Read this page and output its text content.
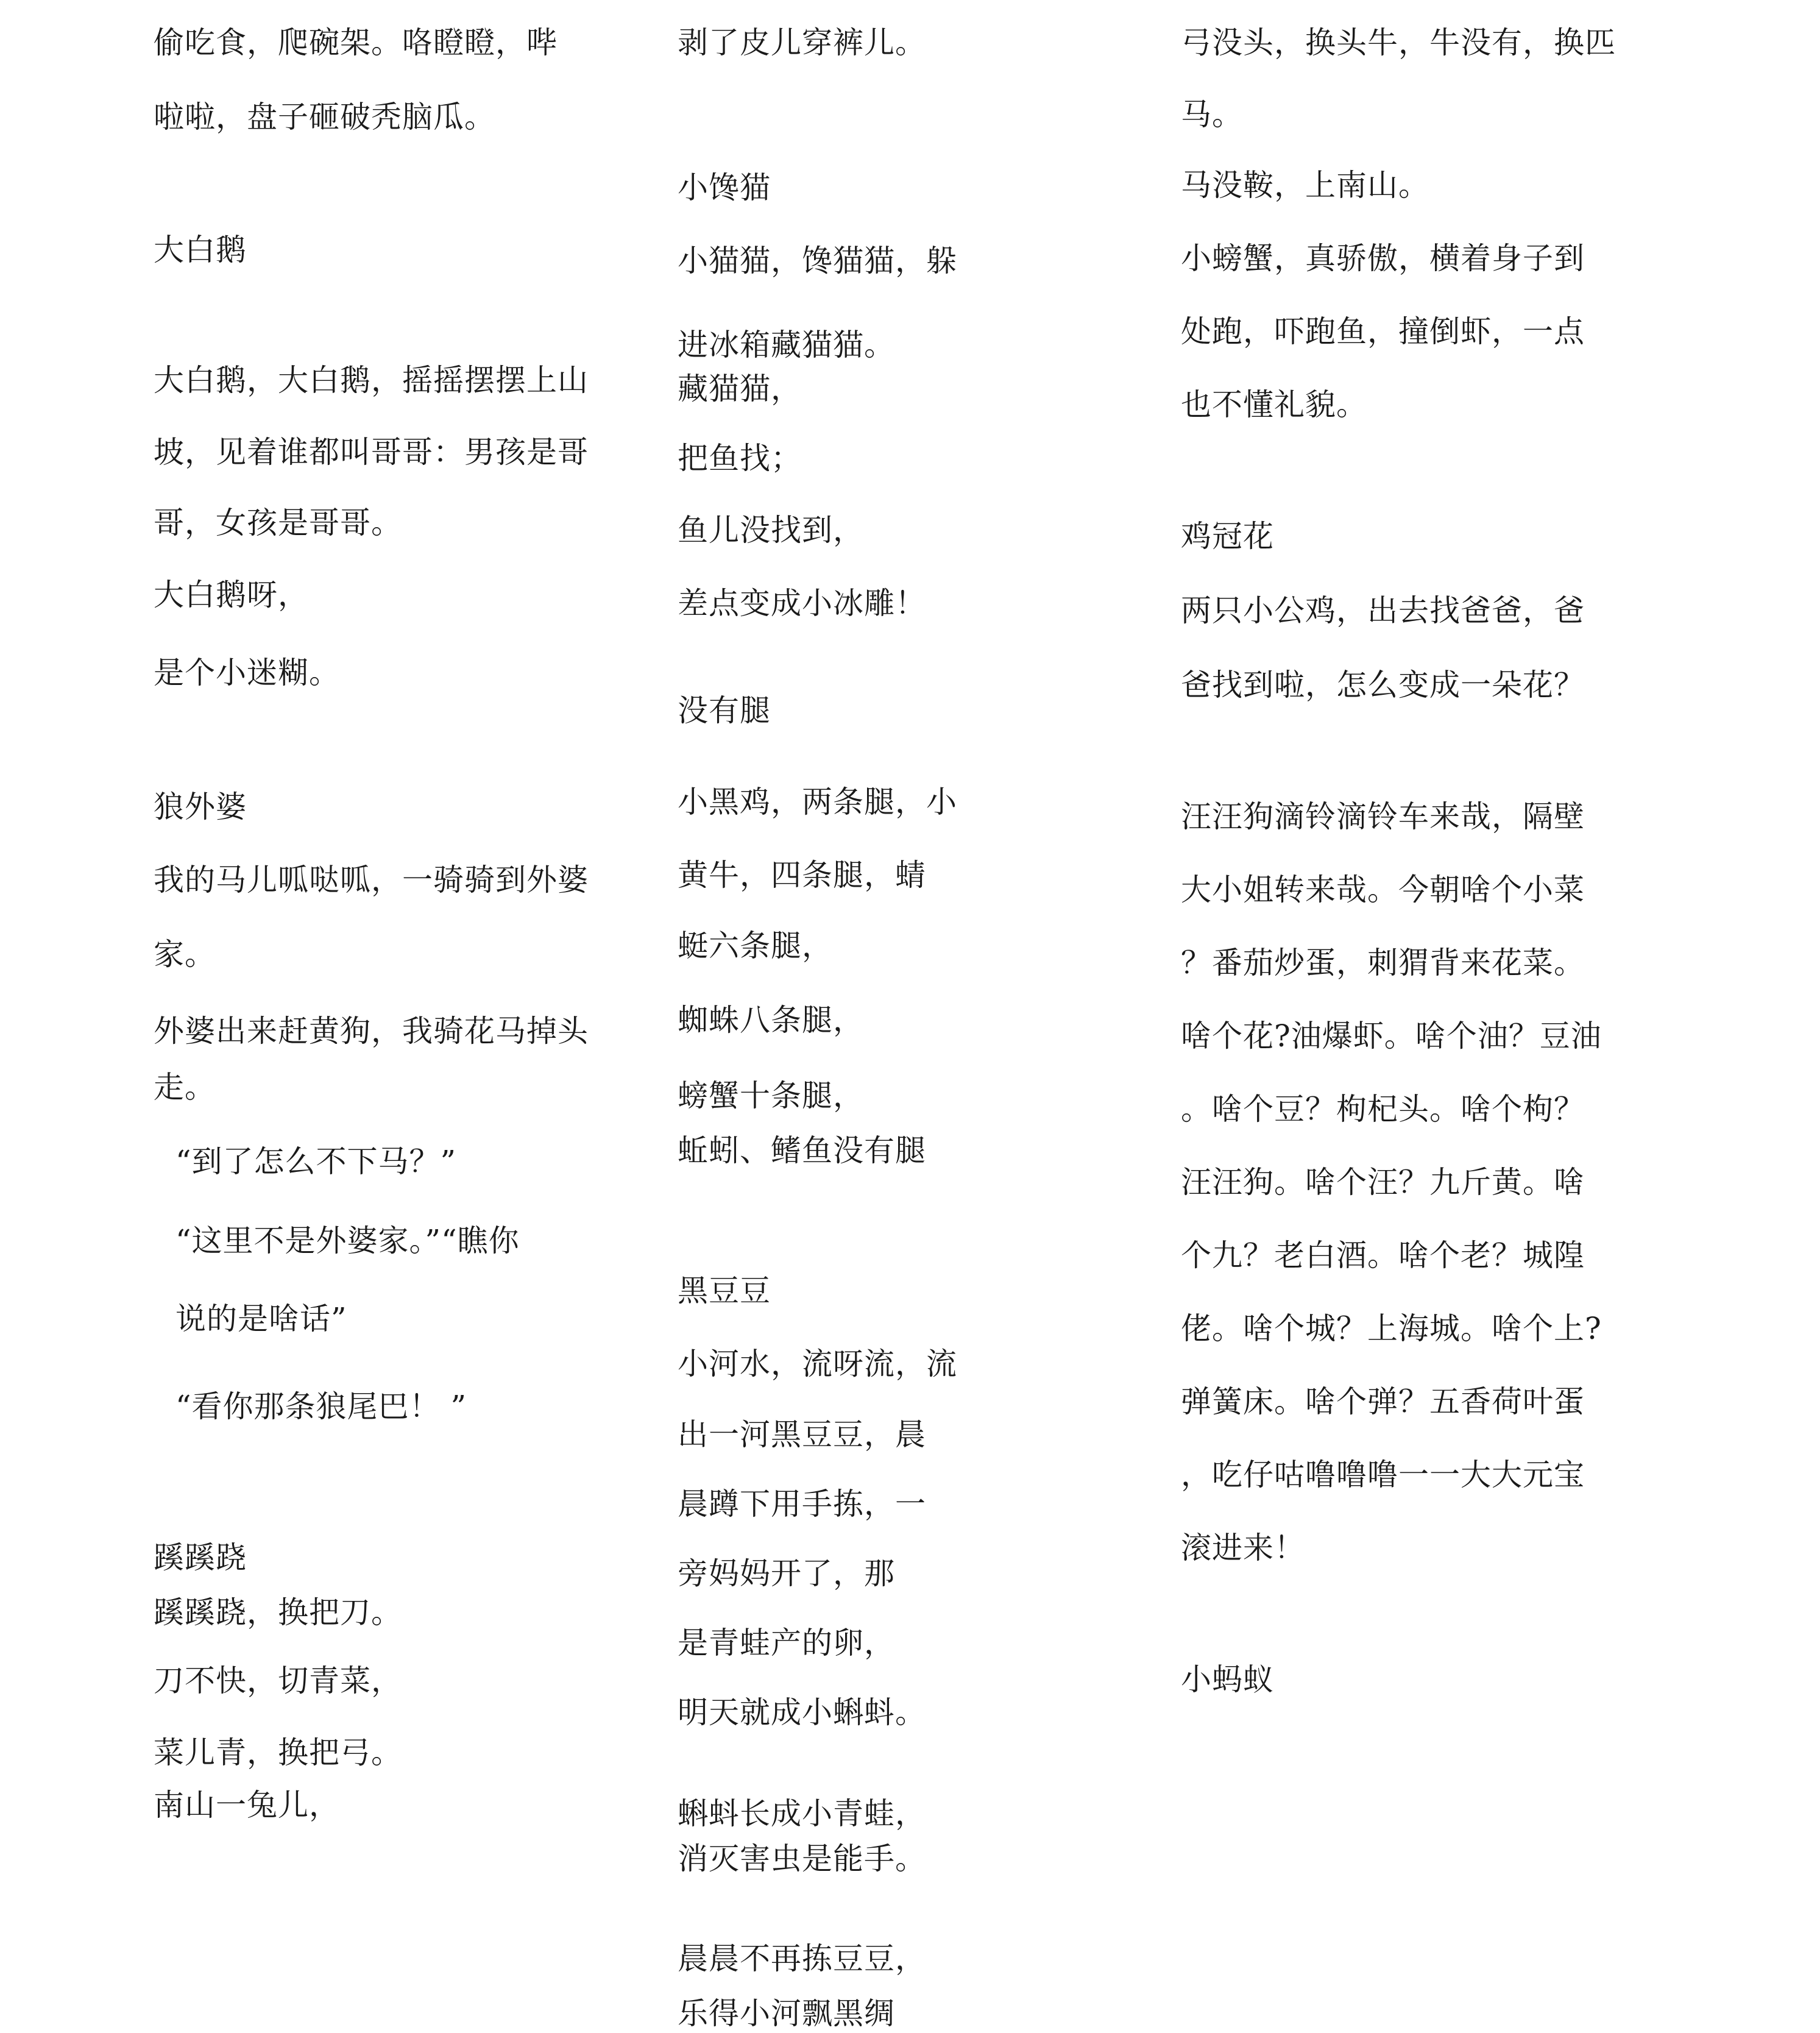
偷吃食，爬碗架。咯瞪瞪，哔
啦啦，盘子砸破秃脑瓜。
大白鹅
大白鹅，大白鹅，摇摇摆摆上山
坡，见着谁都叫哥哥：男孩是哥
哥，女孩是哥哥。
大白鹅呀，
是个小迷糊。
狼外婆
我的马儿呱哒呱，一骑骑到外婆
家。
外婆出来赶黄狗，我骑花马掉头
走。
“到了怎么不下马？”
“这里不是外婆家。”“瞧你
说的是啥话”
“看你那条狼尾巴！ ”
蹊蹊跷
蹊蹊跷，换把刀。
刀不快，切青菜，
菜儿青，换把弓。
南山一兔儿，
剥了皮儿穿裤儿。
小馋猫
小猫猫，馋猫猫，躲
进冰箱藏猫猫。
藏猫猫，
把鱼找；
鱼儿没找到，
差点变成小冰雕！
没有腿
小黑鸡，两条腿，小
黄牛，四条腿，蜻
蜓六条腿，
蜘蛛八条腿，
螃蟹十条腿，
蚯蚓、鳍鱼没有腿
黑豆豆
小河水，流呀流，流
出一河黑豆豆，晨
晨蹲下用手拣，一
旁妈妈开了，那
是青蛙产的卵，
明天就成小蝌蚪。
蝌蚪长成小青蛙，
消灭害虫是能手。
晨晨不再拣豆豆，
乐得小河飘黑绸
弓没头，换头牛，牛没有，换匹
马。
马没鞍，上南山。
小螃蟹，真骄傲，横着身子到
处跑，吓跑鱼，撞倒虾，一点
也不懂礼貌。
鸡冠花
两只小公鸡，出去找爸爸，爸
爸找到啦，怎么变成一朵花？
汪汪狗滴铃滴铃车来哉，隔壁
大小姐转来哉。今朝啥个小菜
？番茄炒蛋，刺猬背来花菜。
啥个花?油爆虾。啥个油？豆油
。啥个豆？枸杞头。啥个枸？
汪汪狗。啥个汪？九斤黄。啥
个九？老白酒。啥个老？城隍
佬。啥个城？上海城。啥个上?
弹簧床。啥个弹？五香荷叶蛋
，吃仔咕噜噜噜一一大大元宝
滚进来！
小蚂蚁
